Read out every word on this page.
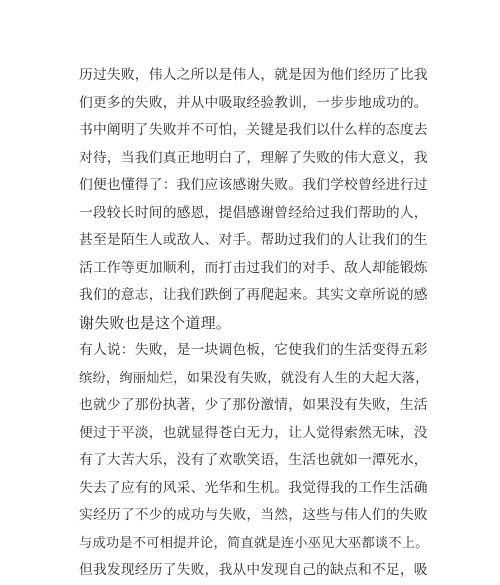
历过失败，伟人之所以是伟人，就是因为他们经历了比我
们更多的失败，并从中吸取经验教训，一步步地成功的。
书中阐明了失败并不可怕，关键是我们以什么样的态度去
对待，当我们真正地明白了，理解了失败的伟大意义，我
们便也懂得了：我们应该感谢失败。我们学校曾经进行过
一段较长时间的感恩，提倡感谢曾经给过我们帮助的人，
甚至是陌生人或敌人、对手。帮助过我们的人让我们的生
活工作等更加顺利，而打击过我们的对手、敌人却能锻炼
我们的意志，让我们跌倒了再爬起来。其实文章所说的感
谢失败也是这个道理。
有人说：失败，是一块调色板，它使我们的生活变得五彩
缤纷，绚丽灿烂，如果没有失败，就没有人生的大起大落，
也就少了那份执著，少了那份激情，如果没有失败，生活
便过于平淡，也就显得苍白无力，让人觉得索然无味，没
有了大苦大乐，没有了欢歌笑语，生活也就如一潭死水，
失去了应有的风采、光华和生机。我觉得我的工作生活确
实经历了不少的成功与失败，当然，这些与伟人们的失败
与成功是不可相提并论，简直就是连小巫见大巫都谈不上。
但我发现经历了失败，我从中发现自己的缺点和不足，吸
